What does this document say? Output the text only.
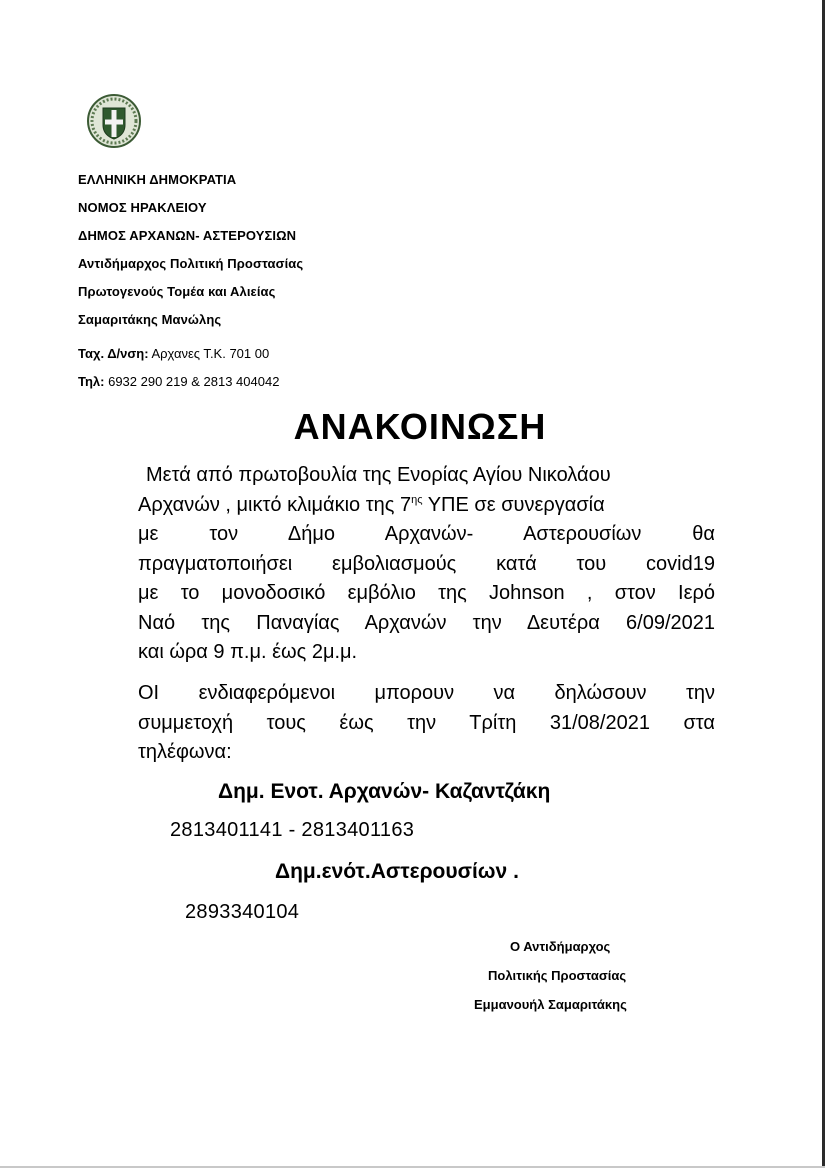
ΕΛΛΗΝΙΚΗ ΔΗΜΟΚΡΑΤΙΑ
ΝΟΜΟΣ ΗΡΑΚΛΕΙΟΥ
ΔΗΜΟΣ ΑΡΧΑΝΩΝ- ΑΣΤΕΡΟΥΣΙΩΝ
Αντιδήμαρχος Πολιτική Προστασίας
Πρωτογενούς Τομέα και Αλιείας
Σαμαριτάκης Μανώλης
Ταχ. Δ/νση: Αρχανες Τ.Κ. 701 00
Τηλ: 6932 290 219 & 2813 404042
ΑΝΑΚΟΙΝΩΣΗ
Μετά από πρωτοβουλία της Ενορίας Αγίου Νικολάου
Αρχανών , μικτό κλιμάκιο της $7^{\eta\varsigma}$ ΥΠΕ σε συνεργασία
με τον Δήμο Αρχανών- Αστερουσίων θα
πραγματοποιήσει εμβολιασμούς κατά του covid19
με το μονοδοσικό εμβόλιο της Johnson , στον Ιερό
Ναό της Παναγίας Αρχανών την Δευτέρα 6/09/2021
και ώρα 9 π.μ. έως 2μ.μ.
ΟΙ ενδιαφερόμενοι μπορουν να δηλώσουν την
συμμετοχή τους έως την Τρίτη 31/08/2021 στα
τηλέφωνα:
Δημ. Ενοτ. Αρχανών- Καζαντζάκη
2813401141 - 2813401163
Δημ.ενότ.Αστερουσίων .
2893340104
Ο Αντιδήμαρχος
Πολιτικής Προστασίας
Εμμανουήλ Σαμαριτάκης
